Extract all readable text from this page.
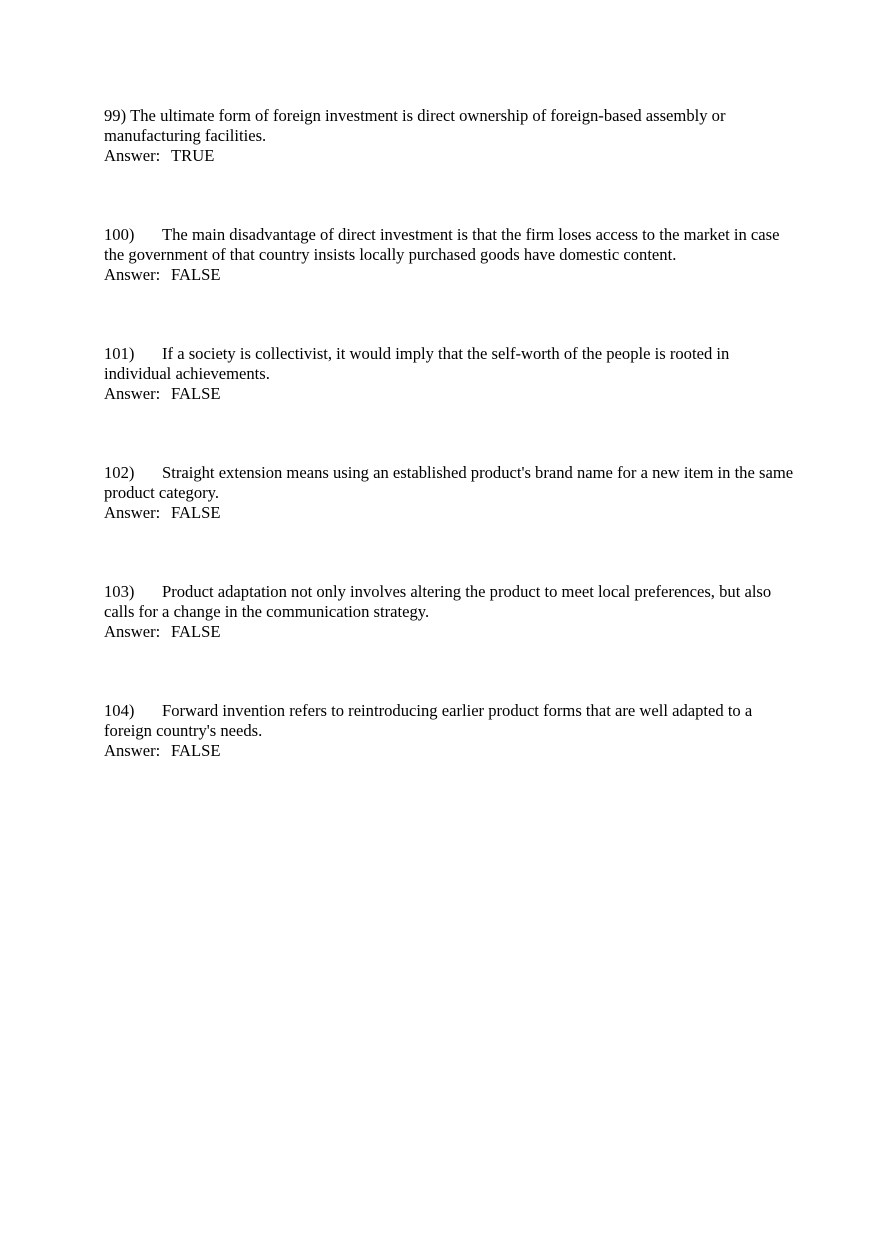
99) The ultimate form of foreign investment is direct ownership of foreign-based assembly or manufacturing facilities.
Answer: TRUE
100) The main disadvantage of direct investment is that the firm loses access to the market in case the government of that country insists locally purchased goods have domestic content.
Answer: FALSE
101) If a society is collectivist, it would imply that the self-worth of the people is rooted in individual achievements.
Answer: FALSE
102) Straight extension means using an established product's brand name for a new item in the same product category.
Answer: FALSE
103) Product adaptation not only involves altering the product to meet local preferences, but also calls for a change in the communication strategy.
Answer: FALSE
104) Forward invention refers to reintroducing earlier product forms that are well adapted to a foreign country's needs.
Answer: FALSE
